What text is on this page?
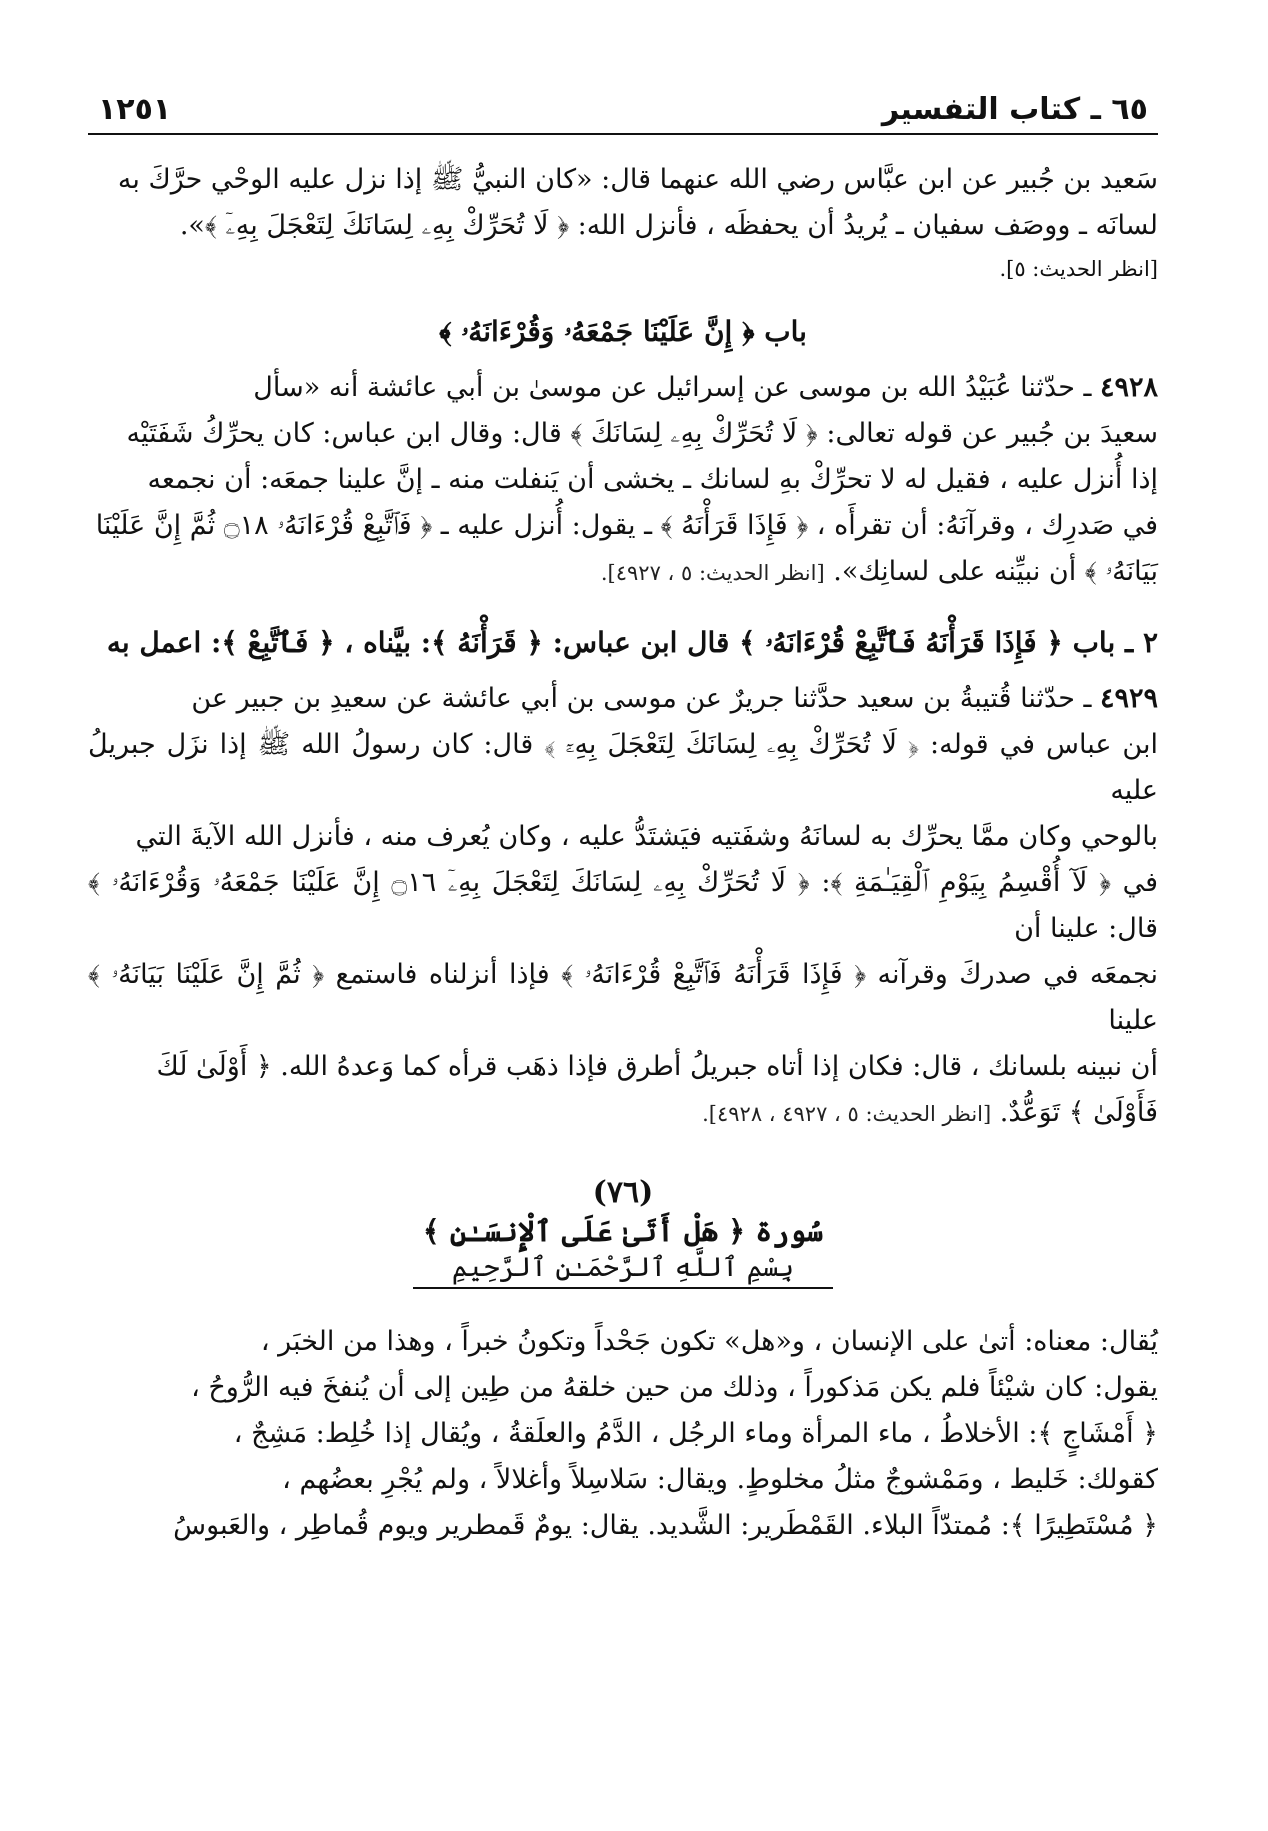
٦٥ ـ كتاب التفسير
١٢٥١

سَعيد بن جُبير عن ابن عبَّاس رضي الله عنهما قال: «كان النبيُّ ﷺ إذا نزل عليه الوحْي حرَّكَ به

لسانَه ـ ووصَف سفيان ـ يُريدُ أن يحفظَه ، فأنزل الله: ﴿ لَا تُحَرِّكْ بِهِۦ لِسَانَكَ لِتَعْجَلَ بِهِۦٓ ﴾».

[انظر الحديث: ٥].

باب ﴿ إِنَّ عَلَيْنَا جَمْعَهُۥ وَقُرْءَانَهُۥ ﴾

٤٩٢٨ ـ حدّثنا عُبَيْدُ الله بن موسى عن إسرائيل عن موسىٰ بن أبي عائشة أنه «سأل

سعيدَ بن جُبير عن قوله تعالى: ﴿ لَا تُحَرِّكْ بِهِۦ لِسَانَكَ ﴾ قال: وقال ابن عباس: كان يحرِّكُ شَفَتَيْه

إذا أُنزل عليه ، فقيل له لا تحرِّكْ بهِ لسانك ـ يخشى أن يَنفلت منه ـ إنَّ علينا جمعَه: أن نجمعه

في صَدرِك ، وقرآنَهُ: أن تقرأَه ، ﴿ فَإِذَا قَرَأْنَهُ ﴾ ـ يقول: أُنزل عليه ـ ﴿ فَٱتَّبِعْ قُرْءَانَهُۥ ۝١٨ ثُمَّ إِنَّ عَلَيْنَا

بَيَانَهُۥ ﴾ أن نبيِّنه على لسانِك». [انظر الحديث: ٥ ، ٤٩٢٧].

٢ ـ باب ﴿ فَإِذَا قَرَأْنَهُ فَٱتَّبِعْ قُرْءَانَهُۥ ﴾ قال ابن عباس: ﴿ قَرَأْنَهُ ﴾: بيَّناه ، ﴿ فَٱتَّبِعْ ﴾: اعمل به

٤٩٢٩ ـ حدّثنا قُتيبةُ بن سعيد حدَّثنا جريرٌ عن موسى بن أبي عائشة عن سعيدِ بن جبير عن

ابن عباس في قوله: ﴿ لَا تُحَرِّكْ بِهِۦ لِسَانَكَ لِتَعْجَلَ بِهِۦٓ ﴾ قال: كان رسولُ الله ﷺ إذا نزَل جبريلُ عليه

بالوحي وكان ممَّا يحرِّك به لسانَهُ وشفَتيه فيَشتَدُّ عليه ، وكان يُعرف منه ، فأنزل الله الآيةَ التي

في ﴿ لَآ أُقْسِمُ بِيَوْمِ ٱلْقِيَـٰمَةِ ﴾: ﴿ لَا تُحَرِّكْ بِهِۦ لِسَانَكَ لِتَعْجَلَ بِهِۦٓ ۝١٦ إِنَّ عَلَيْنَا جَمْعَهُۥ وَقُرْءَانَهُۥ ﴾ قال: علينا أن

نجمعَه في صدركَ وقرآنه ﴿ فَإِذَا قَرَأْنَهُ فَٱتَّبِعْ قُرْءَانَهُۥ ﴾ فإذا أنزلناه فاستمع ﴿ ثُمَّ إِنَّ عَلَيْنَا بَيَانَهُۥ ﴾ علينا

أن نبينه بلسانك ، قال: فكان إذا أتاه جبريلُ أطرق فإذا ذهَب قرأه كما وَعدهُ الله. ﴿ أَوْلَىٰ لَكَ

فَأَوْلَىٰ ﴾ تَوَعُّدٌ. [انظر الحديث: ٥ ، ٤٩٢٧ ، ٤٩٢٨].

(٧٦)

سُورة ﴿ هَلْ أَتَىٰ عَلَى ٱلْإِنسَـٰنِ ﴾

بِسْمِ ٱللَّهِ ٱلرَّحْمَـٰنِ ٱلرَّحِيمِ

يُقال: معناه: أتىٰ على الإنسان ، و«هل» تكون جَحْداً وتكونُ خبراً ، وهذا من الخبَر ،

يقول: كان شيْئاً فلم يكن مَذكوراً ، وذلك من حين خلقهُ من طِين إلى أن يُنفخَ فيه الرُّوحُ ،

﴿ أَمْشَاجٍ ﴾: الأخلاطُ ، ماء المرأة وماء الرجُل ، الدَّمُ والعلَقةُ ، ويُقال إذا خُلِط: مَشِجٌ ،

كقولك: خَليط ، ومَمْشوجٌ مثلُ مخلوطٍ. ويقال: سَلاسِلاً وأغلالاً ، ولم يُجْرِ بعضُهم ،

﴿ مُسْتَطِيرًا ﴾: مُمتدّاً البلاء. القَمْطَرير: الشَّديد. يقال: يومٌ قَمطرير ويوم قُماطِر ، والعَبوسُ
